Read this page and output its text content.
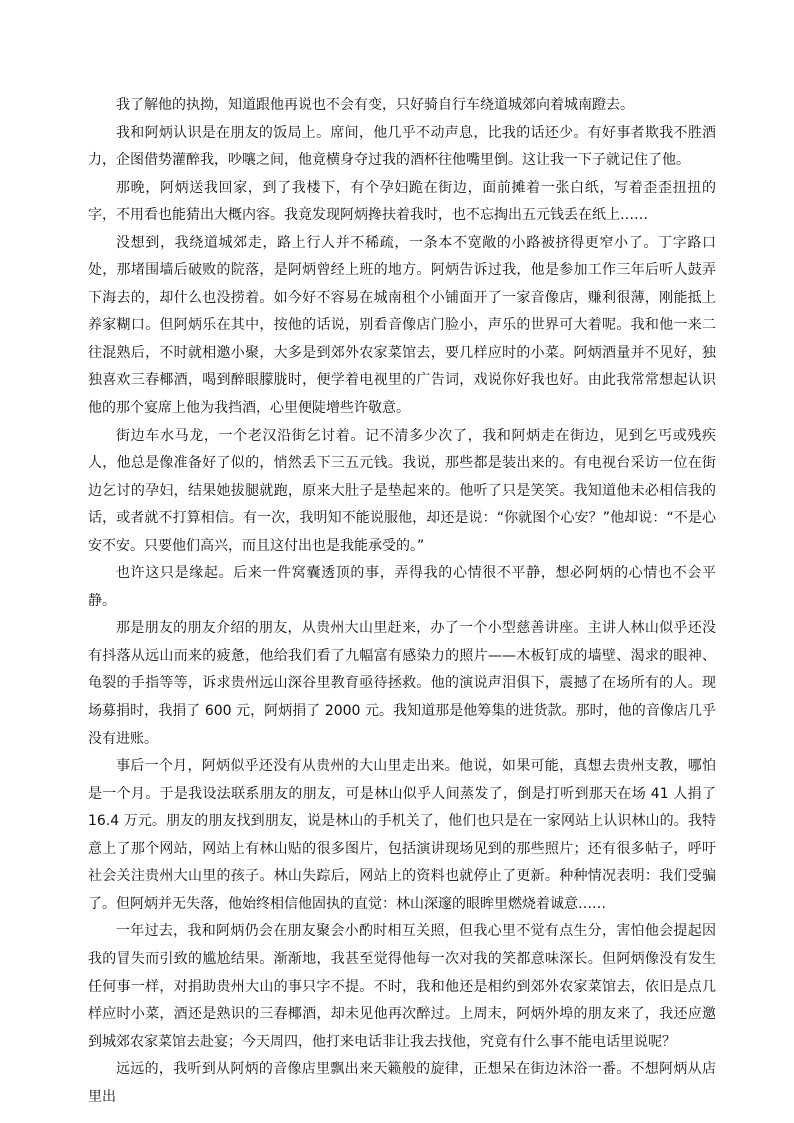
我了解他的执拗，知道跟他再说也不会有变，只好骑自行车绕道城郊向着城南蹬去。

我和阿炳认识是在朋友的饭局上。席间，他几乎不动声息，比我的话还少。有好事者欺我不胜酒力，企图借势灌醉我，吵嚷之间，他竟横身夺过我的酒杯往他嘴里倒。这让我一下子就记住了他。

那晚，阿炳送我回家，到了我楼下，有个孕妇跪在街边，面前摊着一张白纸，写着歪歪扭扭的字，不用看也能猜出大概内容。我竟发现阿炳搀扶着我时，也不忘掏出五元钱丢在纸上……

没想到，我绕道城郊走，路上行人并不稀疏，一条本不宽敞的小路被挤得更窄小了。丁字路口处，那堵围墙后破败的院落，是阿炳曾经上班的地方。阿炳告诉过我，他是参加工作三年后听人鼓弄下海去的，却什么也没捞着。如今好不容易在城南租个小铺面开了一家音像店，赚利很薄，刚能抵上养家糊口。但阿炳乐在其中，按他的话说，别看音像店门脸小，声乐的世界可大着呢。我和他一来二往混熟后，不时就相邀小聚，大多是到郊外农家菜馆去，要几样应时的小菜。阿炳酒量并不见好，独独喜欢三春椰酒，喝到醉眼朦胧时，便学着电视里的广告词，戏说你好我也好。由此我常常想起认识他的那个宴席上他为我挡酒，心里便陡增些许敬意。

街边车水马龙，一个老汉沿街乞讨着。记不清多少次了，我和阿炳走在街边，见到乞丐或残疾人，他总是像准备好了似的，悄然丢下三五元钱。我说，那些都是装出来的。有电视台采访一位在街边乞讨的孕妇，结果她拔腿就跑，原来大肚子是垫起来的。他听了只是笑笑。我知道他未必相信我的话，或者就不打算相信。有一次，我明知不能说服他，却还是说：“你就图个心安？”他却说：“不是心安不安。只要他们高兴，而且这付出也是我能承受的。”

也许这只是缘起。后来一件窝囊透顶的事，弄得我的心情很不平静，想必阿炳的心情也不会平静。

那是朋友的朋友介绍的朋友，从贵州大山里赶来，办了一个小型慈善讲座。主讲人林山似乎还没有抖落从远山而来的疲惫，他给我们看了九幅富有感染力的照片——木板钉成的墙壁、渴求的眼神、龟裂的手指等等，诉求贵州远山深谷里教育亟待拯救。他的演说声泪俱下，震撼了在场所有的人。现场募捐时，我捐了 600 元，阿炳捐了 2000 元。我知道那是他筹集的进货款。那时，他的音像店几乎没有进账。

事后一个月，阿炳似乎还没有从贵州的大山里走出来。他说，如果可能，真想去贵州支教，哪怕是一个月。于是我设法联系朋友的朋友，可是林山似乎人间蒸发了，倒是打听到那天在场 41 人捐了 16.4 万元。朋友的朋友找到朋友，说是林山的手机关了，他们也只是在一家网站上认识林山的。我特意上了那个网站，网站上有林山贴的很多图片，包括演讲现场见到的那些照片；还有很多帖子，呼吁社会关注贵州大山里的孩子。林山失踪后，网站上的资料也就停止了更新。种种情况表明：我们受骗了。但阿炳并无失落，他始终相信他固执的直觉：林山深邃的眼眸里燃烧着诚意……

一年过去，我和阿炳仍会在朋友聚会小酌时相互关照，但我心里不觉有点生分，害怕他会提起因我的冒失而引致的尴尬结果。渐渐地，我甚至觉得他每一次对我的笑都意味深长。但阿炳像没有发生任何事一样，对捐助贵州大山的事只字不提。不时，我和他还是相约到郊外农家菜馆去，依旧是点几样应时小菜，酒还是熟识的三春椰酒，却未见他再次醉过。上周末，阿炳外埠的朋友来了，我还应邀到城郊农家菜馆去赴宴；今天周四，他打来电话非让我去找他，究竟有什么事不能电话里说呢？

远远的，我听到从阿炳的音像店里飘出来天籁般的旋律，正想呆在街边沐浴一番。不想阿炳从店里出
